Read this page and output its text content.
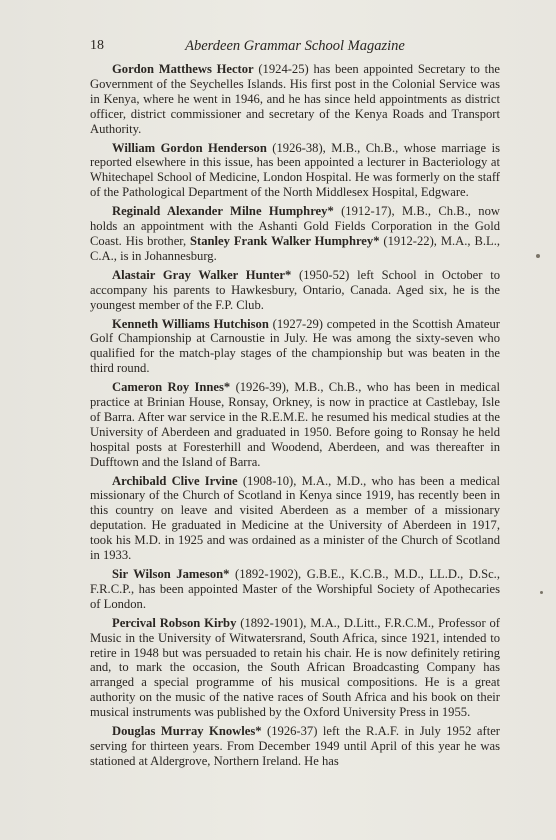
18	Aberdeen Grammar School Magazine

Gordon Matthews Hector (1924-25) has been appointed Secretary to the Government of the Seychelles Islands. His first post in the Colonial Service was in Kenya, where he went in 1946, and he has since held appointments as district officer, district commissioner and secretary of the Kenya Roads and Transport Authority.

William Gordon Henderson (1926-38), M.B., Ch.B., whose marriage is reported elsewhere in this issue, has been appointed a lecturer in Bacteriology at Whitechapel School of Medicine, London Hospital. He was formerly on the staff of the Pathological Department of the North Middlesex Hospital, Edgware.

Reginald Alexander Milne Humphrey* (1912-17), M.B., Ch.B., now holds an appointment with the Ashanti Gold Fields Corporation in the Gold Coast. His brother, Stanley Frank Walker Humphrey* (1912-22), M.A., B.L., C.A., is in Johannesburg.

Alastair Gray Walker Hunter* (1950-52) left School in October to accompany his parents to Hawkesbury, Ontario, Canada. Aged six, he is the youngest member of the F.P. Club.

Kenneth Williams Hutchison (1927-29) competed in the Scottish Amateur Golf Championship at Carnoustie in July. He was among the sixty-seven who qualified for the match-play stages of the championship but was beaten in the third round.

Cameron Roy Innes* (1926-39), M.B., Ch.B., who has been in medical practice at Brinian House, Ronsay, Orkney, is now in practice at Castlebay, Isle of Barra. After war service in the R.E.M.E. he resumed his medical studies at the University of Aberdeen and graduated in 1950. Before going to Ronsay he held hospital posts at Foresterhill and Woodend, Aberdeen, and was thereafter in Dufftown and the Island of Barra.

Archibald Clive Irvine (1908-10), M.A., M.D., who has been a medical missionary of the Church of Scotland in Kenya since 1919, has recently been in this country on leave and visited Aberdeen as a member of a missionary deputation. He graduated in Medicine at the University of Aberdeen in 1917, took his M.D. in 1925 and was ordained as a minister of the Church of Scotland in 1933.

Sir Wilson Jameson* (1892-1902), G.B.E., K.C.B., M.D., LL.D., D.Sc., F.R.C.P., has been appointed Master of the Worshipful Society of Apothecaries of London.

Percival Robson Kirby (1892-1901), M.A., D.Litt., F.R.C.M., Professor of Music in the University of Witwatersrand, South Africa, since 1921, intended to retire in 1948 but was persuaded to retain his chair. He is now definitely retiring and, to mark the occasion, the South African Broadcasting Company has arranged a special programme of his musical compositions. He is a great authority on the music of the native races of South Africa and his book on their musical instruments was published by the Oxford University Press in 1955.

Douglas Murray Knowles* (1926-37) left the R.A.F. in July 1952 after serving for thirteen years. From December 1949 until April of this year he was stationed at Aldergrove, Northern Ireland. He has
